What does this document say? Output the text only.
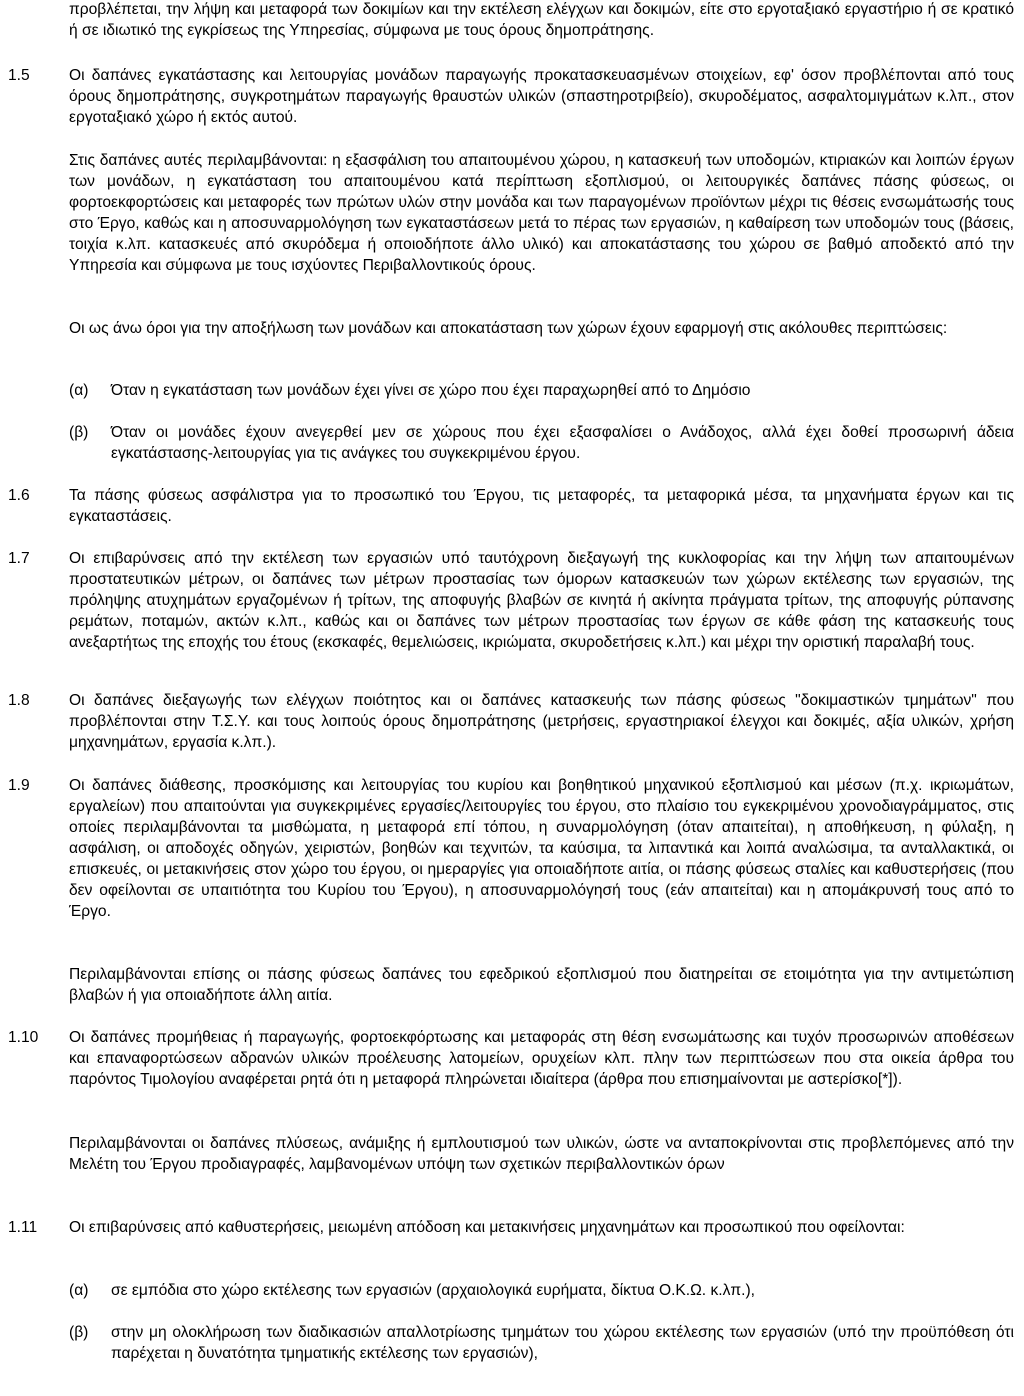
προβλέπεται, την λήψη και μεταφορά των δοκιμίων και την εκτέλεση ελέγχων και δοκιμών, είτε στο εργοταξιακό εργαστήριο ή σε κρατικό ή σε ιδιωτικό της εγκρίσεως της Υπηρεσίας, σύμφωνα με τους όρους δημοπράτησης.
1.5	Οι δαπάνες εγκατάστασης και λειτουργίας μονάδων παραγωγής προκατασκευασμένων στοιχείων, εφ' όσον προβλέπονται από τους όρους δημοπράτησης, συγκροτημάτων παραγωγής θραυστών υλικών (σπαστηροτριβείο), σκυροδέματος, ασφαλτομιγμάτων κ.λπ., στον εργοταξιακό χώρο ή εκτός αυτού.
Στις δαπάνες αυτές περιλαμβάνονται: η εξασφάλιση του απαιτουμένου χώρου, η κατασκευή των υποδομών, κτιριακών και λοιπών έργων των μονάδων, η εγκατάσταση του απαιτουμένου κατά περίπτωση εξοπλισμού, οι λειτουργικές δαπάνες πάσης φύσεως, οι φορτοεκφορτώσεις και μεταφορές των πρώτων υλών στην μονάδα και των παραγομένων προϊόντων μέχρι τις θέσεις ενσωμάτωσής τους στο Έργο, καθώς και η αποσυναρμολόγηση των εγκαταστάσεων μετά το πέρας των εργασιών, η καθαίρεση των υποδομών τους (βάσεις, τοιχία κ.λπ. κατασκευές από σκυρόδεμα ή οποιοδήποτε άλλο υλικό) και αποκατάστασης του χώρου σε βαθμό αποδεκτό από την Υπηρεσία και σύμφωνα με τους ισχύοντες Περιβαλλοντικούς όρους.
Οι ως άνω όροι για την αποξήλωση των μονάδων και αποκατάσταση των χώρων έχουν εφαρμογή στις ακόλουθες περιπτώσεις:
(α)	Όταν η εγκατάσταση των μονάδων έχει γίνει σε χώρο που έχει παραχωρηθεί από το Δημόσιο
(β)	Όταν οι μονάδες έχουν ανεγερθεί μεν σε χώρους που έχει εξασφαλίσει ο Ανάδοχος, αλλά έχει δοθεί προσωρινή άδεια εγκατάστασης-λειτουργίας για τις ανάγκες του συγκεκριμένου έργου.
1.6	Τα πάσης φύσεως ασφάλιστρα για το προσωπικό του Έργου, τις μεταφορές, τα μεταφορικά μέσα, τα μηχανήματα έργων και τις εγκαταστάσεις.
1.7	Οι επιβαρύνσεις από την εκτέλεση των εργασιών υπό ταυτόχρονη διεξαγωγή της κυκλοφορίας και την λήψη των απαιτουμένων προστατευτικών μέτρων, οι δαπάνες των μέτρων προστασίας των όμορων κατασκευών των χώρων εκτέλεσης των εργασιών, της πρόληψης ατυχημάτων εργαζομένων ή τρίτων, της αποφυγής βλαβών σε κινητά ή ακίνητα πράγματα τρίτων, της αποφυγής ρύπανσης ρεμάτων, ποταμών, ακτών κ.λπ., καθώς και οι δαπάνες των μέτρων προστασίας των έργων σε κάθε φάση της κατασκευής τους ανεξαρτήτως της εποχής του έτους (εκσκαφές, θεμελιώσεις, ικριώματα, σκυροδετήσεις κ.λπ.) και μέχρι την οριστική παραλαβή τους.
1.8	Οι δαπάνες διεξαγωγής των ελέγχων ποιότητος και οι δαπάνες κατασκευής των πάσης φύσεως "δοκιμαστικών τμημάτων" που προβλέπονται στην Τ.Σ.Υ. και τους λοιπούς όρους δημοπράτησης (μετρήσεις, εργαστηριακοί έλεγχοι και δοκιμές, αξία υλικών, χρήση μηχανημάτων, εργασία κ.λπ.).
1.9	Οι δαπάνες διάθεσης, προσκόμισης και λειτουργίας του κυρίου και βοηθητικού μηχανικού εξοπλισμού και μέσων (π.χ. ικριωμάτων, εργαλείων) που απαιτούνται για συγκεκριμένες εργασίες/λειτουργίες του έργου, στο πλαίσιο του εγκεκριμένου χρονοδιαγράμματος, στις οποίες περιλαμβάνονται τα μισθώματα, η μεταφορά επί τόπου, η συναρμολόγηση (όταν απαιτείται), η αποθήκευση, η φύλαξη, η ασφάλιση, οι αποδοχές οδηγών, χειριστών, βοηθών και τεχνιτών, τα καύσιμα, τα λιπαντικά και λοιπά αναλώσιμα, τα ανταλλακτικά, οι επισκευές, οι μετακινήσεις στον χώρο του έργου, οι ημεραργίες για οποιαδήποτε αιτία, οι πάσης φύσεως σταλίες και καθυστερήσεις (που δεν οφείλονται σε υπαιτιότητα του Κυρίου του Έργου), η αποσυναρμολόγησή τους (εάν απαιτείται) και η απομάκρυνσή τους από το Έργο.
Περιλαμβάνονται επίσης οι πάσης φύσεως δαπάνες του εφεδρικού εξοπλισμού που διατηρείται σε ετοιμότητα για την αντιμετώπιση βλαβών ή για οποιαδήποτε άλλη αιτία.
1.10	Οι δαπάνες προμήθειας ή παραγωγής, φορτοεκφόρτωσης και μεταφοράς στη θέση ενσωμάτωσης και τυχόν προσωρινών αποθέσεων και επαναφορτώσεων αδρανών υλικών προέλευσης λατομείων, ορυχείων κλπ. πλην των περιπτώσεων που στα οικεία άρθρα του παρόντος Τιμολογίου αναφέρεται ρητά ότι η μεταφορά πληρώνεται ιδιαίτερα (άρθρα που επισημαίνονται με αστερίσκο[*]).
Περιλαμβάνονται οι δαπάνες πλύσεως, ανάμιξης ή εμπλουτισμού των υλικών, ώστε να ανταποκρίνονται στις προβλεπόμενες από την Μελέτη του Έργου προδιαγραφές, λαμβανομένων υπόψη των σχετικών περιβαλλοντικών όρων
1.11	Οι επιβαρύνσεις από καθυστερήσεις, μειωμένη απόδοση και μετακινήσεις μηχανημάτων και προσωπικού που οφείλονται:
(α)	σε εμπόδια στο χώρο εκτέλεσης των εργασιών (αρχαιολογικά ευρήματα, δίκτυα Ο.Κ.Ω. κ.λπ.),
(β)	στην μη ολοκλήρωση των διαδικασιών απαλλοτρίωσης τμημάτων του χώρου εκτέλεσης των εργασιών (υπό την προϋπόθεση ότι παρέχεται η δυνατότητα τμηματικής εκτέλεσης των εργασιών),
